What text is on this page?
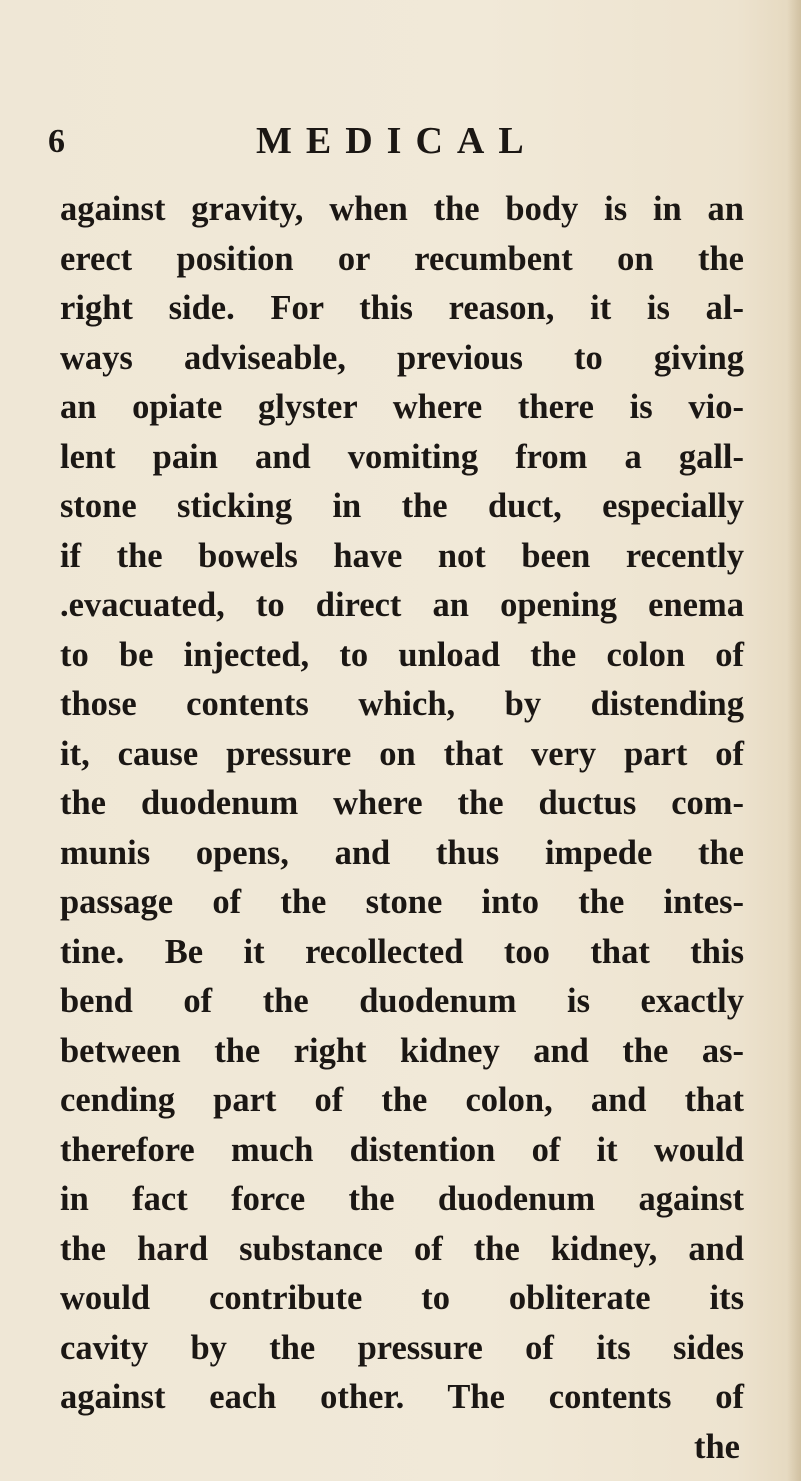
6	MEDICAL
against gravity, when the body is in an
erect position or recumbent on the
right side. For this reason, it is al-
ways adviseable, previous to giving
an opiate glyster where there is vio-
lent pain and vomiting from a gall-
stone sticking in the duct, especially
if the bowels have not been recently
.evacuated, to direct an opening enema
to be injected, to unload the colon of
those contents which, by distending
it, cause pressure on that very part of
the duodenum where the ductus com-
munis opens, and thus impede the
passage of the stone into the intes-
tine. Be it recollected too that this
bend of the duodenum is exactly
between the right kidney and the as-
cending part of the colon, and that
therefore much distention of it would
in fact force the duodenum against
the hard substance of the kidney, and
would contribute to obliterate its
cavity by the pressure of its sides
against each other. The contents of
the
